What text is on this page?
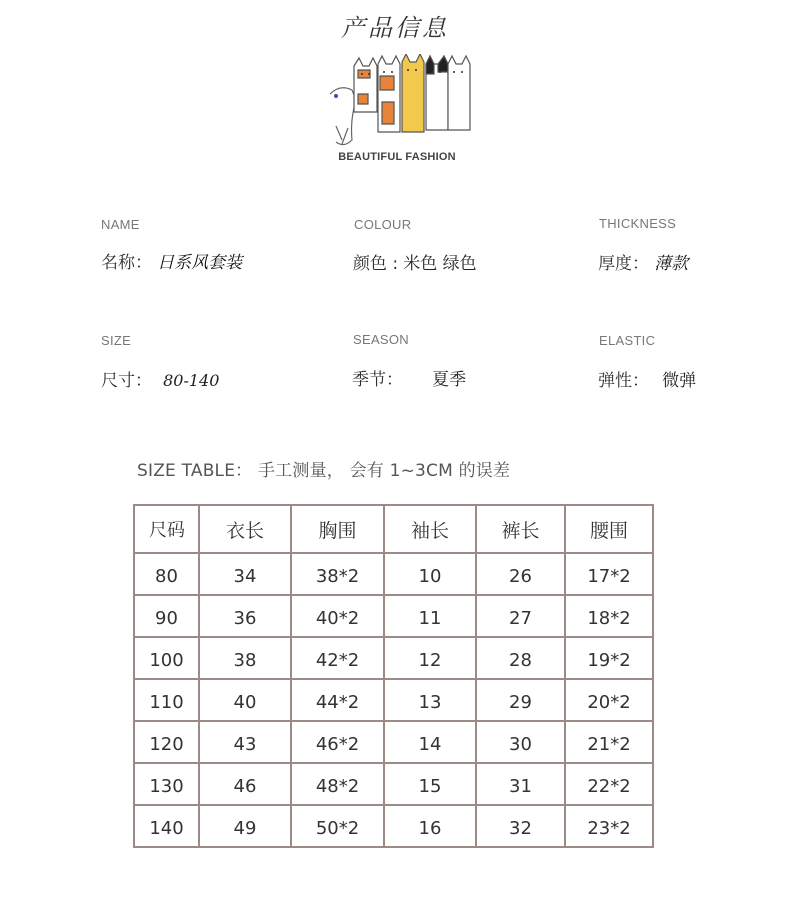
产品信息
BEAUTIFUL FASHION
NAME
名称： 日系风套装
COLOUR
颜色 : 米色 绿色
THICKNESS
厚度： 薄款
SIZE
尺寸： 80-140
SEASON
季节： 夏季
ELASTIC
弹性： 微弹
SIZE TABLE： 手工测量， 会有 1~3CM 的误差
尺码	衣长	胸围	袖长	裤长	腰围
80	34	38*2	10	26	17*2
90	36	40*2	11	27	18*2
100	38	42*2	12	28	19*2
110	40	44*2	13	29	20*2
120	43	46*2	14	30	21*2
130	46	48*2	15	31	22*2
140	49	50*2	16	32	23*2
